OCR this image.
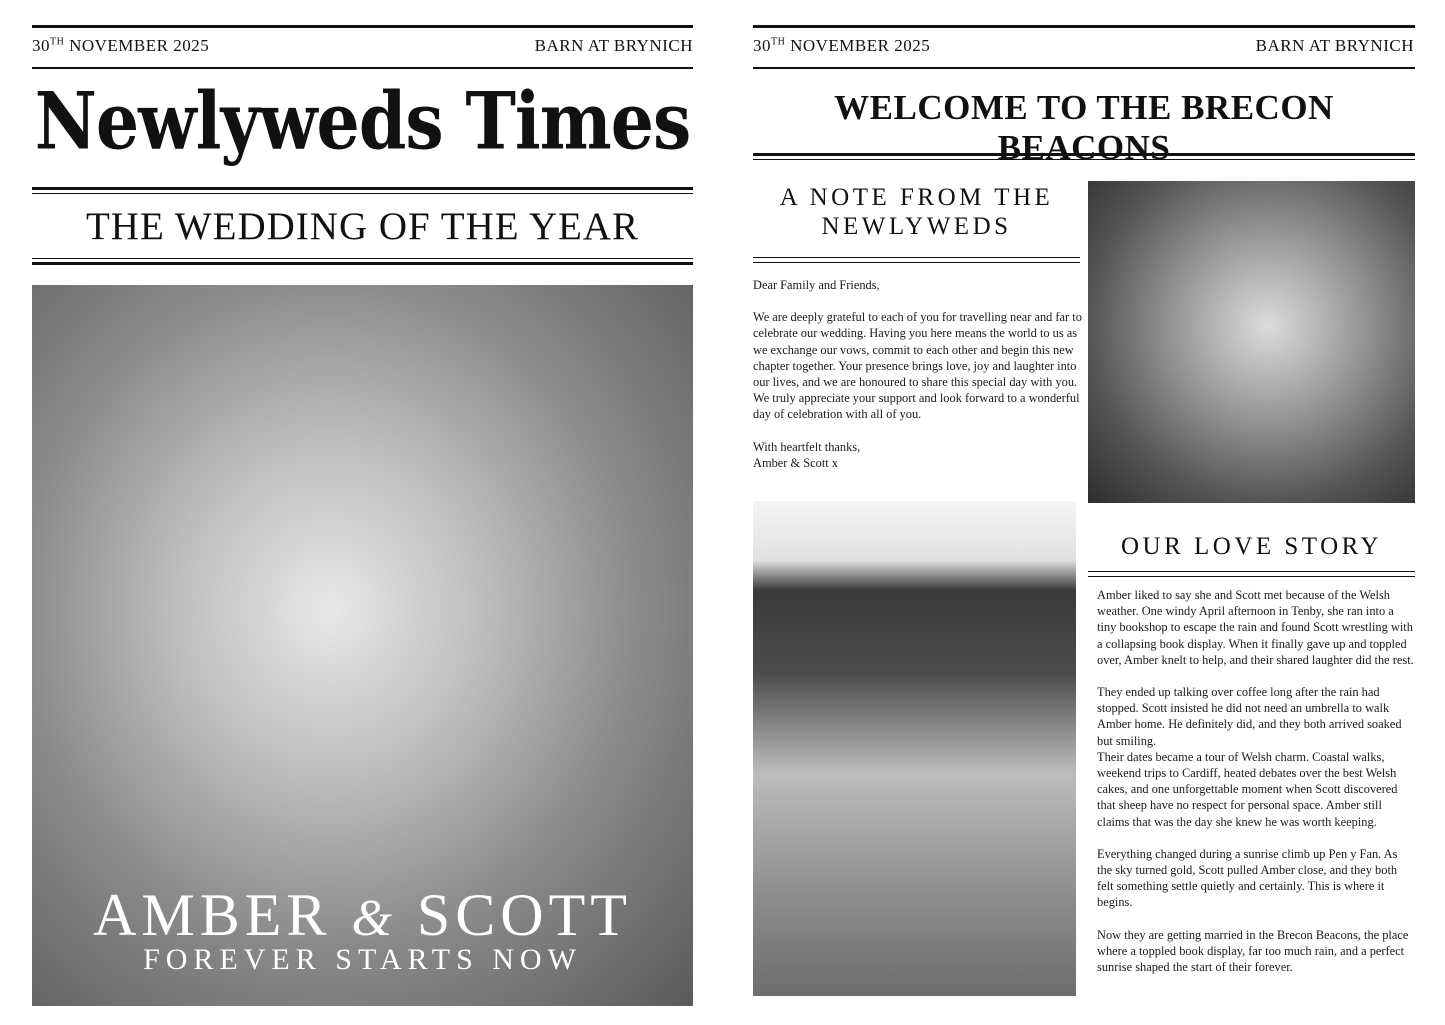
30TH NOVEMBER 2025	BARN AT BRYNICH
Newlyweds Times
THE WEDDING OF THE YEAR
AMBER & SCOTT
FOREVER STARTS NOW
30TH NOVEMBER 2025	BARN AT BRYNICH
WELCOME TO THE BRECON BEACONS
A NOTE FROM THE
NEWLYWEDS

Dear Family and Friends,

We are deeply grateful to each of you for travelling near and far to celebrate our wedding. Having you here means the world to us as we exchange our vows, commit to each other and begin this new chapter together. Your presence brings love, joy and laughter into our lives, and we are honoured to share this special day with you. We truly appreciate your support and look forward to a wonderful day of celebration with all of you.

With heartfelt thanks,

Amber & Scott x

OUR LOVE STORY

Amber liked to say she and Scott met because of the Welsh weather. One windy April afternoon in Tenby, she ran into a tiny bookshop to escape the rain and found Scott wrestling with a collapsing book display. When it finally gave up and toppled over, Amber knelt to help, and their shared laughter did the rest.

They ended up talking over coffee long after the rain had stopped. Scott insisted he did not need an umbrella to walk Amber home. He definitely did, and they both arrived soaked but smiling.

Their dates became a tour of Welsh charm. Coastal walks, weekend trips to Cardiff, heated debates over the best Welsh cakes, and one unforgettable moment when Scott discovered that sheep have no respect for personal space. Amber still claims that was the day she knew he was worth keeping.

Everything changed during a sunrise climb up Pen y Fan. As the sky turned gold, Scott pulled Amber close, and they both felt something settle quietly and certainly. This is where it begins.

Now they are getting married in the Brecon Beacons, the place where a toppled book display, far too much rain, and a perfect sunrise shaped the start of their forever.
